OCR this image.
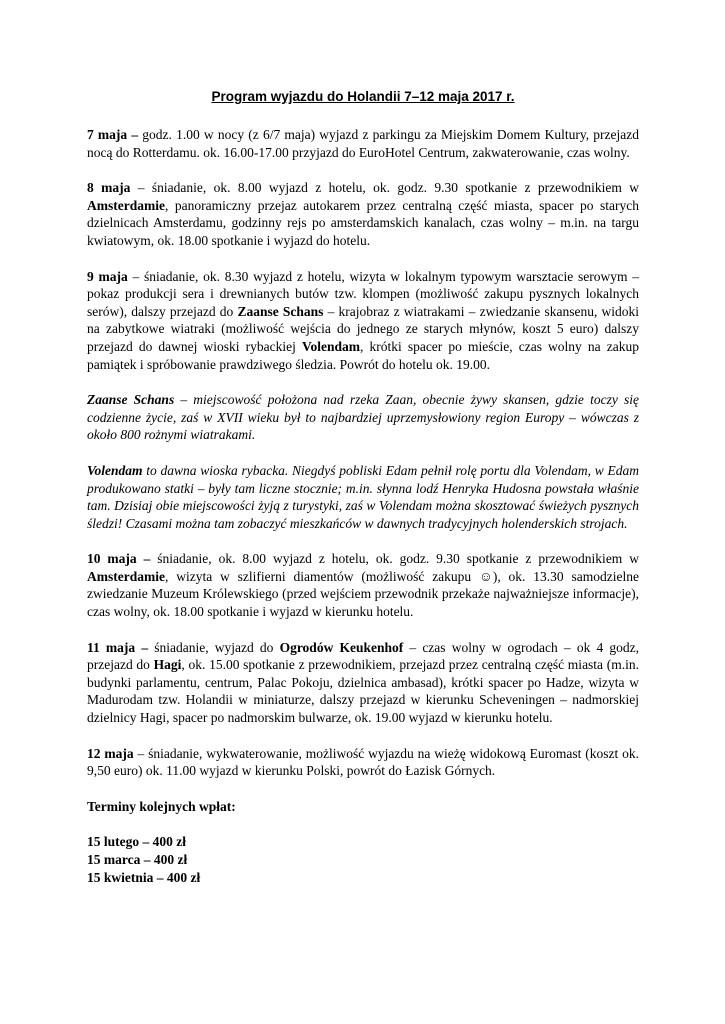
Program wyjazdu do Holandii 7–12 maja 2017 r.

7 maja – godz. 1.00 w nocy (z 6/7 maja) wyjazd z parkingu za Miejskim Domem Kultury, przejazd nocą do Rotterdamu. ok. 16.00-17.00 przyjazd do EuroHotel Centrum, zakwaterowanie, czas wolny.

8 maja – śniadanie, ok. 8.00 wyjazd z hotelu, ok. godz. 9.30 spotkanie z przewodnikiem w Amsterdamie, panoramiczny przejaz autokarem przez centralną część miasta, spacer po starych dzielnicach Amsterdamu, godzinny rejs po amsterdamskich kanalach, czas wolny – m.in. na targu kwiatowym, ok. 18.00 spotkanie i wyjazd do hotelu.

9 maja – śniadanie, ok. 8.30 wyjazd z hotelu, wizyta w lokalnym typowym warsztacie serowym – pokaz produkcji sera i drewnianych butów tzw. klompen (możliwość zakupu pysznych lokalnych serów), dalszy przejazd do Zaanse Schans – krajobraz z wiatrakami – zwiedzanie skansenu, widoki na zabytkowe wiatraki (możliwość wejścia do jednego ze starych młynów, koszt 5 euro) dalszy przejazd do dawnej wioski rybackiej Volendam, krótki spacer po mieście, czas wolny na zakup pamiątek i spróbowanie prawdziwego śledzia. Powrót do hotelu ok. 19.00.

Zaanse Schans – miejscowość położona nad rzeka Zaan, obecnie żywy skansen, gdzie toczy się codzienne życie, zaś w XVII wieku był to najbardziej uprzemysłowiony region Europy – wówczas z około 800 rożnymi wiatrakami.

Volendam to dawna wioska rybacka. Niegdyś pobliski Edam pełnił rolę portu dla Volendam, w Edam produkowano statki – były tam liczne stocznie; m.in. słynna lodź Henryka Hudosna powstała właśnie tam. Dzisiaj obie miejscowości żyją z turystyki, zaś w Volendam można skosztować świeżych pysznych śledzi! Czasami można tam zobaczyć mieszkańców w dawnych tradycyjnych holenderskich strojach.

10 maja – śniadanie, ok. 8.00 wyjazd z hotelu, ok. godz. 9.30 spotkanie z przewodnikiem w Amsterdamie, wizyta w szlifierni diamentów (możliwość zakupu ☺), ok. 13.30 samodzielne zwiedzanie Muzeum Królewskiego (przed wejściem przewodnik przekaże najważniejsze informacje), czas wolny, ok. 18.00 spotkanie i wyjazd w kierunku hotelu.

11 maja – śniadanie, wyjazd do Ogrodów Keukenhof – czas wolny w ogrodach – ok 4 godz, przejazd do Hagi, ok. 15.00 spotkanie z przewodnikiem, przejazd przez centralną część miasta (m.in. budynki parlamentu, centrum, Palac Pokoju, dzielnica ambasad), krótki spacer po Hadze, wizyta w Madurodam tzw. Holandii w miniaturze, dalszy przejazd w kierunku Scheveningen – nadmorskiej dzielnicy Hagi, spacer po nadmorskim bulwarze, ok. 19.00 wyjazd w kierunku hotelu.

12 maja – śniadanie, wykwaterowanie, możliwość wyjazdu na wieżę widokową Euromast (koszt ok. 9,50 euro) ok. 11.00 wyjazd w kierunku Polski, powrót do Łazisk Górnych.

Terminy kolejnych wpłat:

15 lutego – 400 zł
15 marca – 400 zł
15 kwietnia – 400 zł
